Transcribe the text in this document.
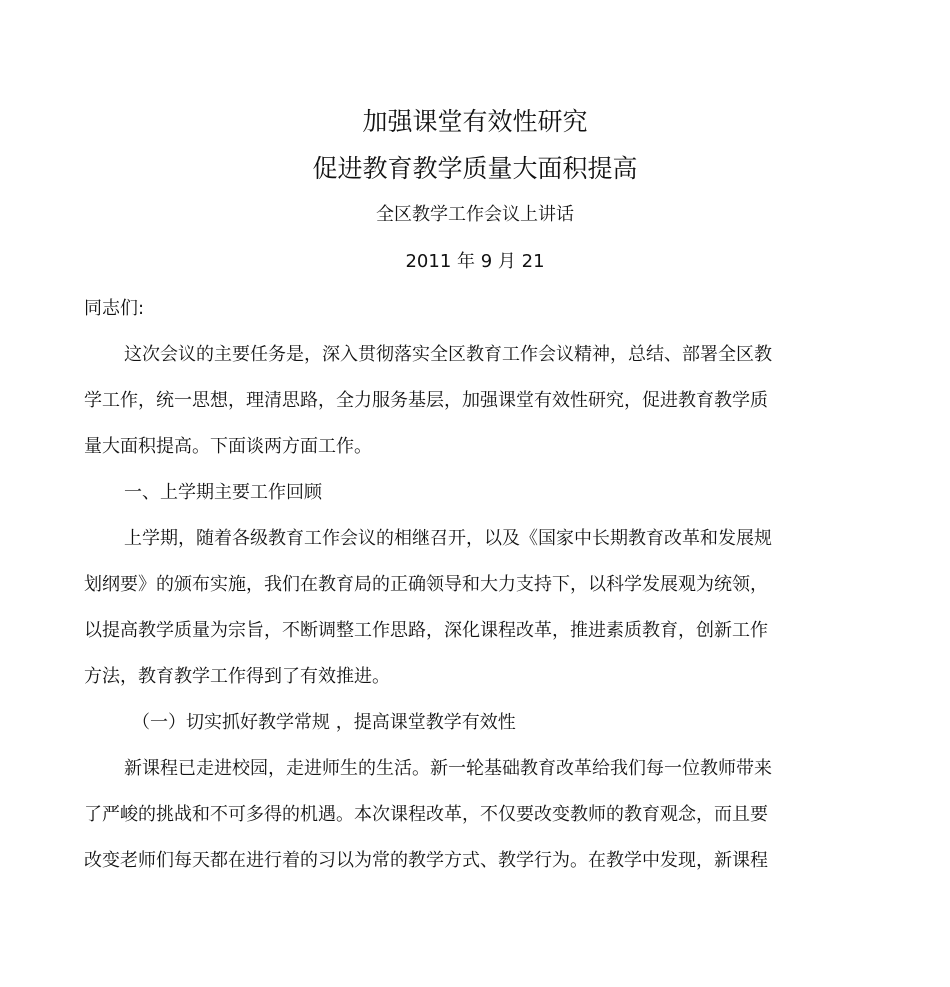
加强课堂有效性研究
促进教育教学质量大面积提高
全区教学工作会议上讲话
2011 年 9 月 21
同志们:
这次会议的主要任务是，深入贯彻落实全区教育工作会议精神，总结、部署全区教
学工作，统一思想，理清思路，全力服务基层，加强课堂有效性研究，促进教育教学质
量大面积提高。下面谈两方面工作。
一、上学期主要工作回顾
上学期，随着各级教育工作会议的相继召开，以及《国家中长期教育改革和发展规
划纲要》的颁布实施，我们在教育局的正确领导和大力支持下，以科学发展观为统领，
以提高教学质量为宗旨，不断调整工作思路，深化课程改革，推进素质教育，创新工作
方法，教育教学工作得到了有效推进。
（一）切实抓好教学常规 ，提高课堂教学有效性
新课程已走进校园，走进师生的生活。新一轮基础教育改革给我们每一位教师带来
了严峻的挑战和不可多得的机遇。本次课程改革，不仅要改变教师的教育观念，而且要
改变老师们每天都在进行着的习以为常的教学方式、教学行为。在教学中发现，新课程
